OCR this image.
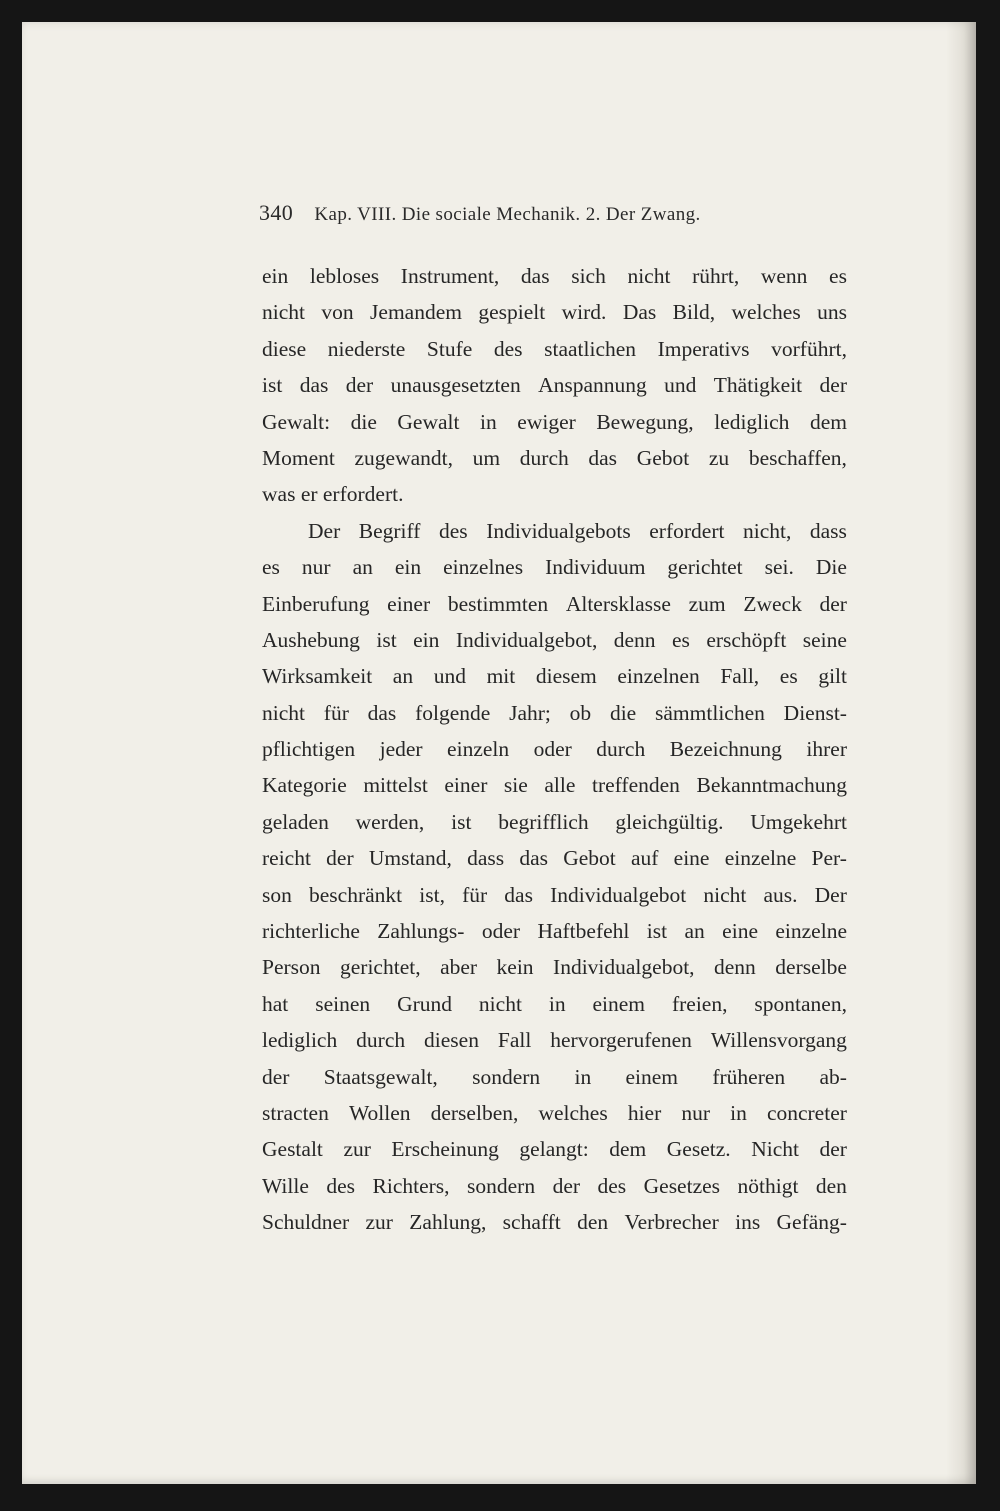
340 Kap. VIII. Die sociale Mechanik. 2. Der Zwang.
ein lebloses Instrument, das sich nicht rührt, wenn es
nicht von Jemandem gespielt wird. Das Bild, welches uns
diese niederste Stufe des staatlichen Imperativs vorführt,
ist das der unausgesetzten Anspannung und Thätigkeit der
Gewalt: die Gewalt in ewiger Bewegung, lediglich dem
Moment zugewandt, um durch das Gebot zu beschaffen,
was er erfordert.
Der Begriff des Individualgebots erfordert nicht, dass
es nur an ein einzelnes Individuum gerichtet sei. Die
Einberufung einer bestimmten Altersklasse zum Zweck der
Aushebung ist ein Individualgebot, denn es erschöpft seine
Wirksamkeit an und mit diesem einzelnen Fall, es gilt
nicht für das folgende Jahr; ob die sämmtlichen Dienst-
pflichtigen jeder einzeln oder durch Bezeichnung ihrer
Kategorie mittelst einer sie alle treffenden Bekanntmachung
geladen werden, ist begrifflich gleichgültig. Umgekehrt
reicht der Umstand, dass das Gebot auf eine einzelne Per-
son beschränkt ist, für das Individualgebot nicht aus. Der
richterliche Zahlungs- oder Haftbefehl ist an eine einzelne
Person gerichtet, aber kein Individualgebot, denn derselbe
hat seinen Grund nicht in einem freien, spontanen,
lediglich durch diesen Fall hervorgerufenen Willensvorgang
der Staatsgewalt, sondern in einem früheren ab-
stracten Wollen derselben, welches hier nur in concreter
Gestalt zur Erscheinung gelangt: dem Gesetz. Nicht der
Wille des Richters, sondern der des Gesetzes nöthigt den
Schuldner zur Zahlung, schafft den Verbrecher ins Gefäng-
